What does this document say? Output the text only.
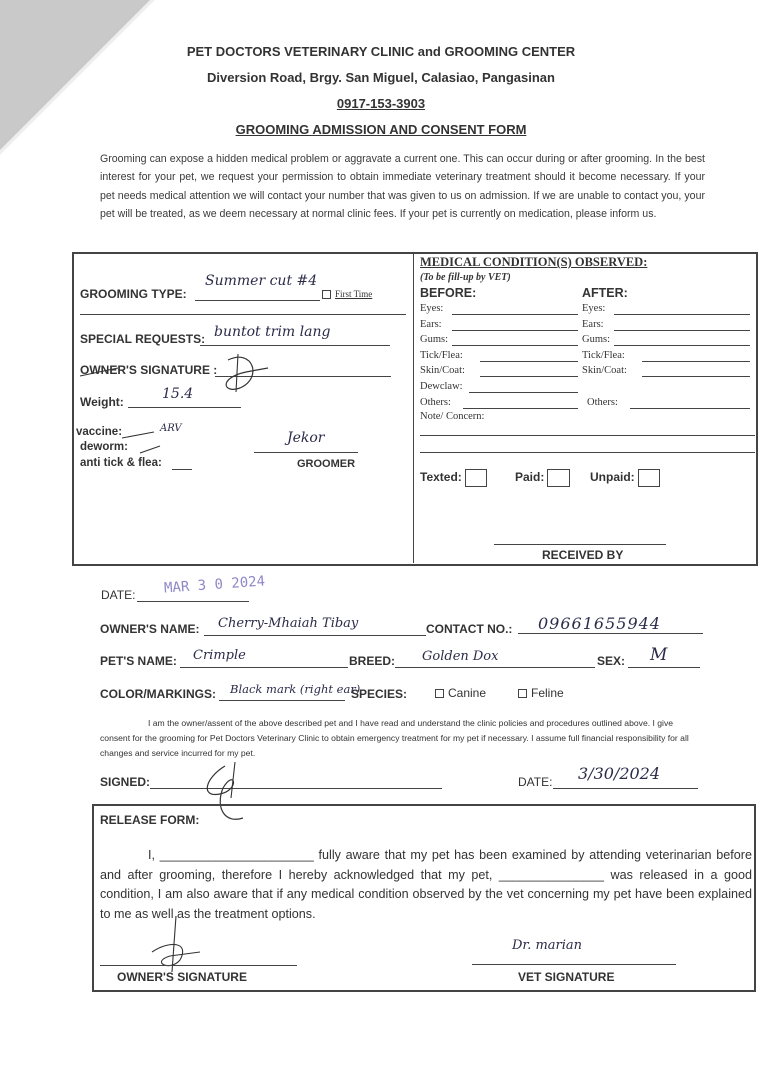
PET DOCTORS VETERINARY CLINIC and GROOMING CENTER
Diversion Road, Brgy. San Miguel, Calasiao, Pangasinan
0917-153-3903
GROOMING ADMISSION AND CONSENT FORM
Grooming can expose a hidden medical problem or aggravate a current one. This can occur during or after grooming. In the best interest for your pet, we request your permission to obtain immediate veterinary treatment should it become necessary. If your pet needs medical attention we will contact your number that was given to us on admission. If we are unable to contact you, your pet will be treated, as we deem necessary at normal clinic fees. If your pet is currently on medication, please inform us.
GROOMING TYPE:
Summer cut #4
First Time
SPECIAL REQUESTS: buntot trim lang
OWNER'S SIGNATURE :
Weight:	15.4
vaccine:	ARV
deworm:
anti tick & flea:
Jekor
GROOMER
MEDICAL CONDITION(S) OBSERVED:
(To be fill-up by VET)
BEFORE:	AFTER:
Eyes:
Ears:
Gums:
Tick/Flea:
Skin/Coat:
Dewclaw:
Others:
Eyes:
Ears:
Gums:
Tick/Flea:
Skin/Coat:
Others:
Note/ Concern:
Texted:	Paid:	Unpaid:
RECEIVED BY
DATE: MAR 3 0 2024
OWNER'S NAME: Cherry-Mhaiah Tibay	CONTACT NO.: 09661655944
PET'S NAME: Crimple	BREED: Golden Dox	SEX: M
COLOR/MARKINGS: Black mark (right ear)
SPECIES:	Canine	Feline
I am the owner/assent of the above described pet and I have read and understand the clinic policies and procedures outlined above. I give consent for the grooming for Pet Doctors Veterinary Clinic to obtain emergency treatment for my pet if necessary. I assume full financial responsibility for all changes and service incurred for my pet.
SIGNED:	DATE: 3/30/2024
RELEASE FORM:
I, ______________________ fully aware that my pet has been examined by attending veterinarian before and after grooming, therefore I hereby acknowledged that my pet, _______________ was released in a good condition, I am also aware that if any medical condition observed by the vet concerning my pet have been explained to me as well as the treatment options.
OWNER'S SIGNATURE
Dr. marian
VET SIGNATURE
